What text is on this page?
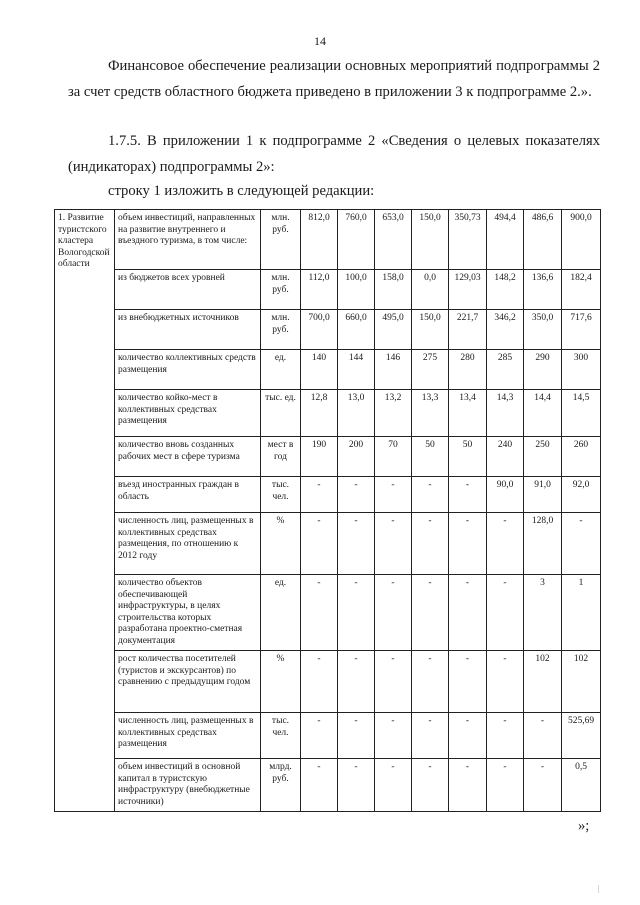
14

Финансовое обеспечение реализации основных мероприятий подпрограммы 2 за счет средств областного бюджета приведено в приложении 3 к подпрограмме 2.».

1.7.5. В приложении 1 к подпрограмме 2 «Сведения о целевых показателях (индикаторах) подпрограммы 2»:

строку 1 изложить в следующей редакции:

1. Развитие туристского кластера Вологодской области	объем инвестиций, направленных на развитие внутреннего и въездного туризма, в том числе:	млн. руб.	812,0	760,0	653,0	150,0	350,73	494,4	486,6	900,0
	из бюджетов всех уровней	млн. руб.	112,0	100,0	158,0	0,0	129,03	148,2	136,6	182,4
	из внебюджетных источников	млн. руб.	700,0	660,0	495,0	150,0	221,7	346,2	350,0	717,6
	количество коллективных средств размещения	ед.	140	144	146	275	280	285	290	300
	количество койко-мест в коллективных средствах размещения	тыс. ед.	12,8	13,0	13,2	13,3	13,4	14,3	14,4	14,5
	количество вновь созданных рабочих мест в сфере туризма	мест в год	190	200	70	50	50	240	250	260
	въезд иностранных граждан в область	тыс. чел.	-	-	-	-	-	90,0	91,0	92,0
	численность лиц, размещенных в коллективных средствах размещения, по отношению к 2012 году	%	-	-	-	-	-	-	128,0	-
	количество объектов обеспечивающей инфраструктуры, в целях строительства которых разработана проектно-сметная документация	ед.	-	-	-	-	-	-	3	1
	рост количества посетителей (туристов и экскурсантов) по сравнению с предыдущим годом	%	-	-	-	-	-	-	102	102
	численность лиц, размещенных в коллективных средствах размещения	тыс. чел.	-	-	-	-	-	-	-	525,69
	объем инвестиций в основной капитал в туристскую инфраструктуру (внебюджетные источники)	млрд. руб.	-	-	-	-	-	-	-	0,5
»;
|
